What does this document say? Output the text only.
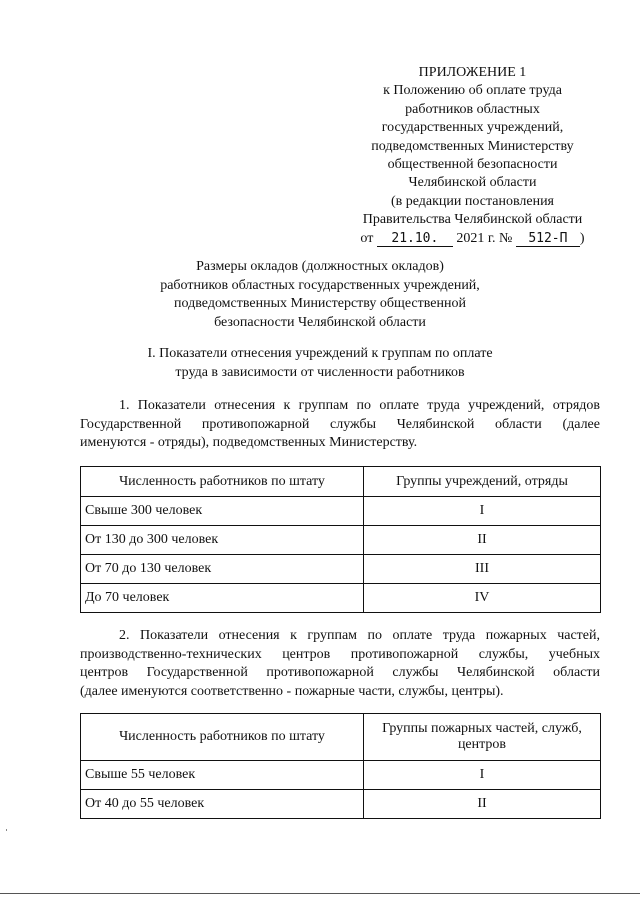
ПРИЛОЖЕНИЕ 1
к Положению об оплате труда
работников областных
государственных учреждений,
подведомственных Министерству
общественной безопасности
Челябинской области
(в редакции постановления
Правительства Челябинской области
от 21.10. 2021 г. № 512-П )
Размеры окладов (должностных окладов)
работников областных государственных учреждений,
подведомственных Министерству общественной
безопасности Челябинской области
I. Показатели отнесения учреждений к группам по оплате
труда в зависимости от численности работников
1. Показатели отнесения к группам по оплате труда учреждений, отрядов
Государственной противопожарной службы Челябинской области (далее
именуются - отряды), подведомственных Министерству.
Численность работников по штату	Группы учреждений, отряды
Свыше 300 человек	I
От 130 до 300 человек	II
От 70 до 130 человек	III
До 70 человек	IV
2. Показатели отнесения к группам по оплате труда пожарных частей,
производственно-технических центров противопожарной службы, учебных
центров Государственной противопожарной службы Челябинской области
(далее именуются соответственно - пожарные части, службы, центры).
Численность работников по штату	Группы пожарных частей, служб, центров
Свыше 55 человек	I
От 40 до 55 человек	II
